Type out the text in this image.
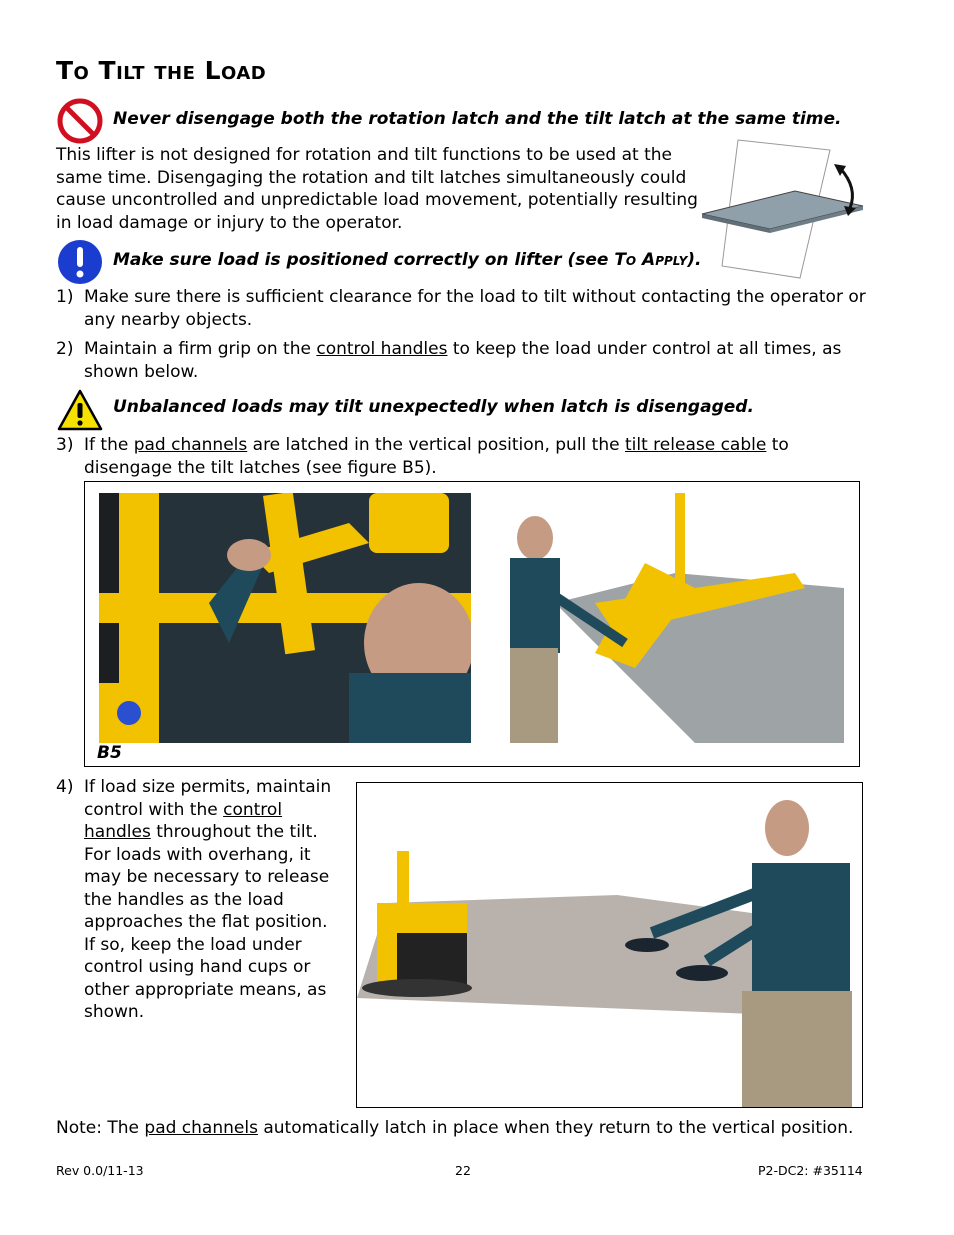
To Tilt the Load
Never disengage both the rotation latch and the tilt latch at the same time.
This lifter is not designed for rotation and tilt functions to be used at the same time. Disengaging the rotation and tilt latches simultaneously could cause uncontrolled and unpredictable load movement, potentially resulting in load damage or injury to the operator.
Make sure load is positioned correctly on lifter (see To Apply).
1) Make sure there is sufficient clearance for the load to tilt without contacting the operator or any nearby objects.
2) Maintain a firm grip on the control handles to keep the load under control at all times, as shown below.
Unbalanced loads may tilt unexpectedly when latch is disengaged.
3) If the pad channels are latched in the vertical position, pull the tilt release cable to disengage the tilt latches (see figure B5).
B5
4) If load size permits, maintain control with the control handles throughout the tilt. For loads with overhang, it may be necessary to release the handles as the load approaches the flat position. If so, keep the load under control using hand cups or other appropriate means, as shown.
Note: The pad channels automatically latch in place when they return to the vertical position.
Rev 0.0/11-13	22	P2-DC2: #35114
